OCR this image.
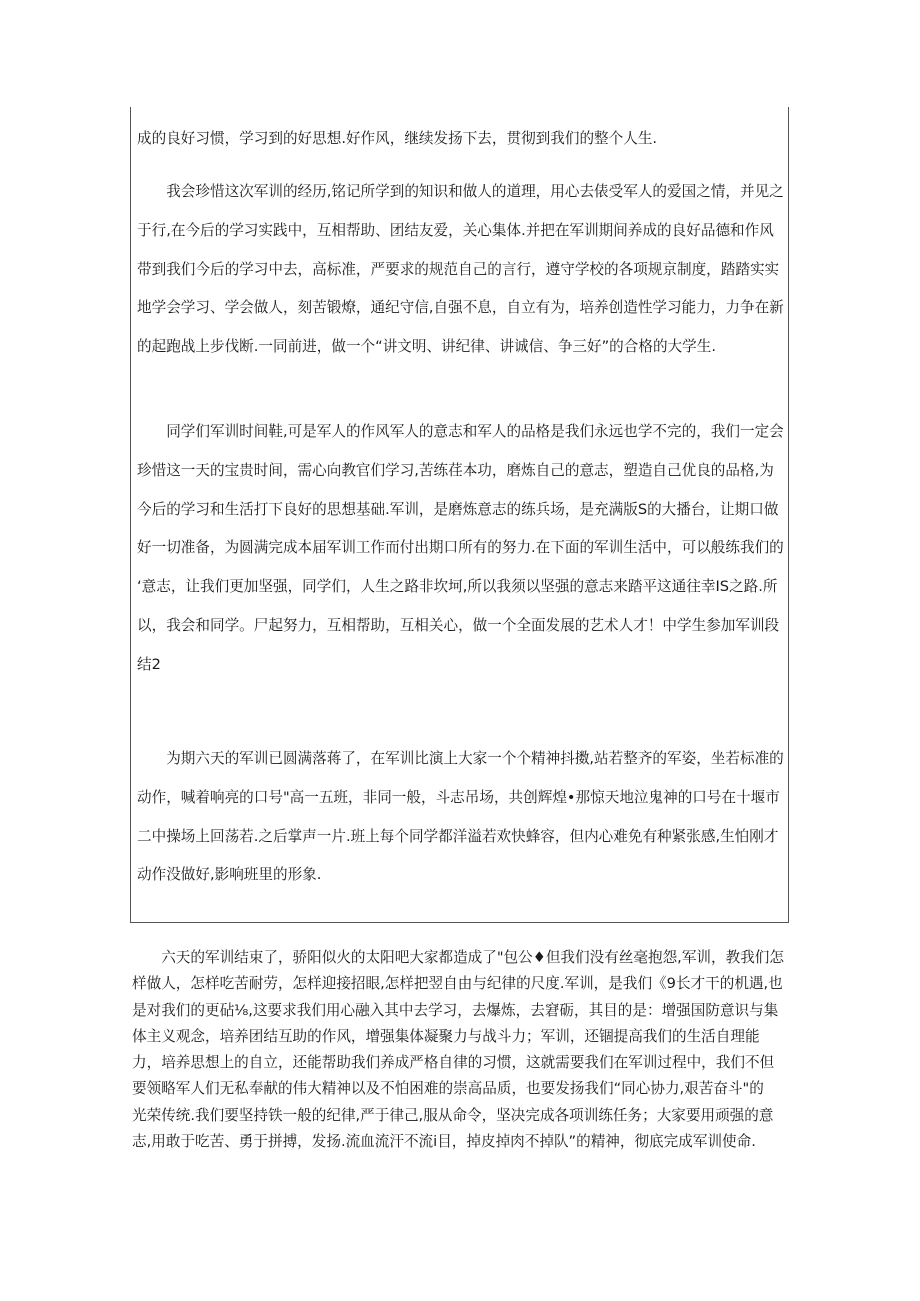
成的良好习惯，学习到的好思想.好作风，继续发扬下去，贯彻到我们的整个人生.

　　我会珍惜这次军训的经历,铭记所学到的知识和做人的道理，用心去俵受军人的爱国之情，并见之
于行,在今后的学习实践中，互相帮助、团结友爱，关心集体.并把在军训期间养成的良好品德和作风
带到我们今后的学习中去，高标准，严要求的规范自己的言行，遵守学校的各项规京制度，踏踏实实
地学会学习、学会做人，刻苦锻燎，通纪守信,自强不息，自立有为，培养创造性学习能力，力争在新
的起跑战上步伐断.一同前进，做一个“讲文明、讲纪律、讲诚信、争三好”的合格的大学生.

　　同学们军训时间鞋,可是军人的作风军人的意志和军人的品格是我们永远也学不完的，我们一定会
珍惜这一天的宝贵时间，需心向教官们学习,苦练荏本功，磨炼自己的意志，塑造自己优良的品格,为
今后的学习和生活打下良好的思想基础.军训，是磨炼意志的练兵场，是充满版S的大播台，让期口做
好一切准备，为圆满完成本届军训工作而付出期口所有的努力.在下面的军训生活中，可以般练我们的
‘意志，让我们更加坚强，同学们，人生之路非坎坷,所以我须以坚强的意志来踏平这通往幸IS之路.所
以，我会和同学。尸起努力，互相帮助，互相关心，做一个全面发展的艺术人才！中学生参加军训段
结2

　　为期六天的军训已圆满落蒋了，在军训比演上大家一个个精神抖擞,站若整齐的军姿，坐若标准的
动作，喊着响亮的口号"高一五班，非同一般，斗志吊场，共创辉煌•那惊天地泣鬼神的口号在十堰市
二中操场上回荡若.之后掌声一片.班上每个同学都洋溢若欢快蜂容，但内心难免有种紧张感,生怕刚才
动作没做好,影响班里的形象.

　　六天的军训结束了，骄阳似火的太阳吧大家都造成了"包公♦但我们没有丝毫抱怨,军训，教我们怎
样做人，怎样吃苦耐劳，怎样迎接招眼,怎样把翌自由与纪律的尺度.军训，是我们《9长才干的机遇,也
是对我们的更砧⅛,这要求我们用心融入其中去学习，去爆炼，去窘砺，其目的是：增强国防意识与集
体主义观念，培养团结互助的作风，增强集体凝聚力与战斗力；军训，还锢提高我们的生活自理能
力，培养思想上的自立，还能帮助我们养成严格自律的习惯，这就需要我们在军训过程中，我们不但
要领略军人们无私奉献的伟大精神以及不怕困难的崇高品质，也要发扬我们“同心协力,艰苦奋斗"的
光荣传统.我们要坚持铁一般的纪律,严于律己,服从命令，坚决完成各项训练任务；大家要用顽强的意
志,用敢于吃苦、勇于拼搏，发扬.流血流汗不流i目，掉皮掉肉不掉队”的精神，彻底完成军训使命.
